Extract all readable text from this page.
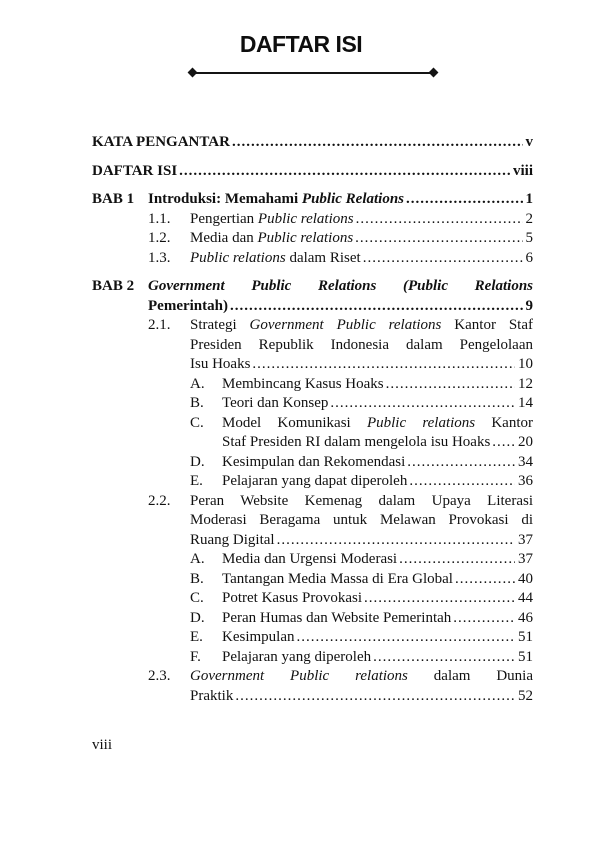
DAFTAR ISI
KATA PENGANTAR .....	v
DAFTAR ISI .....	viii
BAB 1 Introduksi: Memahami Public Relations .....	1
1.1.	Pengertian Public relations .....	2
1.2.	Media dan Public relations .....	5
1.3.	Public relations dalam Riset .....	6
BAB 2 Government Public Relations (Public Relations
Pemerintah) .....	9
2.1.	Strategi Government Public relations Kantor Staf
Presiden Republik Indonesia dalam Pengelolaan
Isu Hoaks .....	10
A.	Membincang Kasus Hoaks .....	12
B.	Teori dan Konsep .....	14
C.	Model Komunikasi Public relations Kantor
Staf Presiden RI dalam mengelola isu Hoaks ..... 20
D.	Kesimpulan dan Rekomendasi .....	34
E.	Pelajaran yang dapat diperoleh .....	36
2.2.	Peran Website Kemenag dalam Upaya Literasi
Moderasi Beragama untuk Melawan Provokasi di
Ruang Digital .....	37
A.	Media dan Urgensi Moderasi .....	37
B.	Tantangan Media Massa di Era Global .....	40
C.	Potret Kasus Provokasi .....	44
D.	Peran Humas dan Website Pemerintah .....	46
E.	Kesimpulan .....	51
F.	Pelajaran yang diperoleh .....	51
2.3.	Government Public relations dalam Dunia
Praktik .....	52
viii
